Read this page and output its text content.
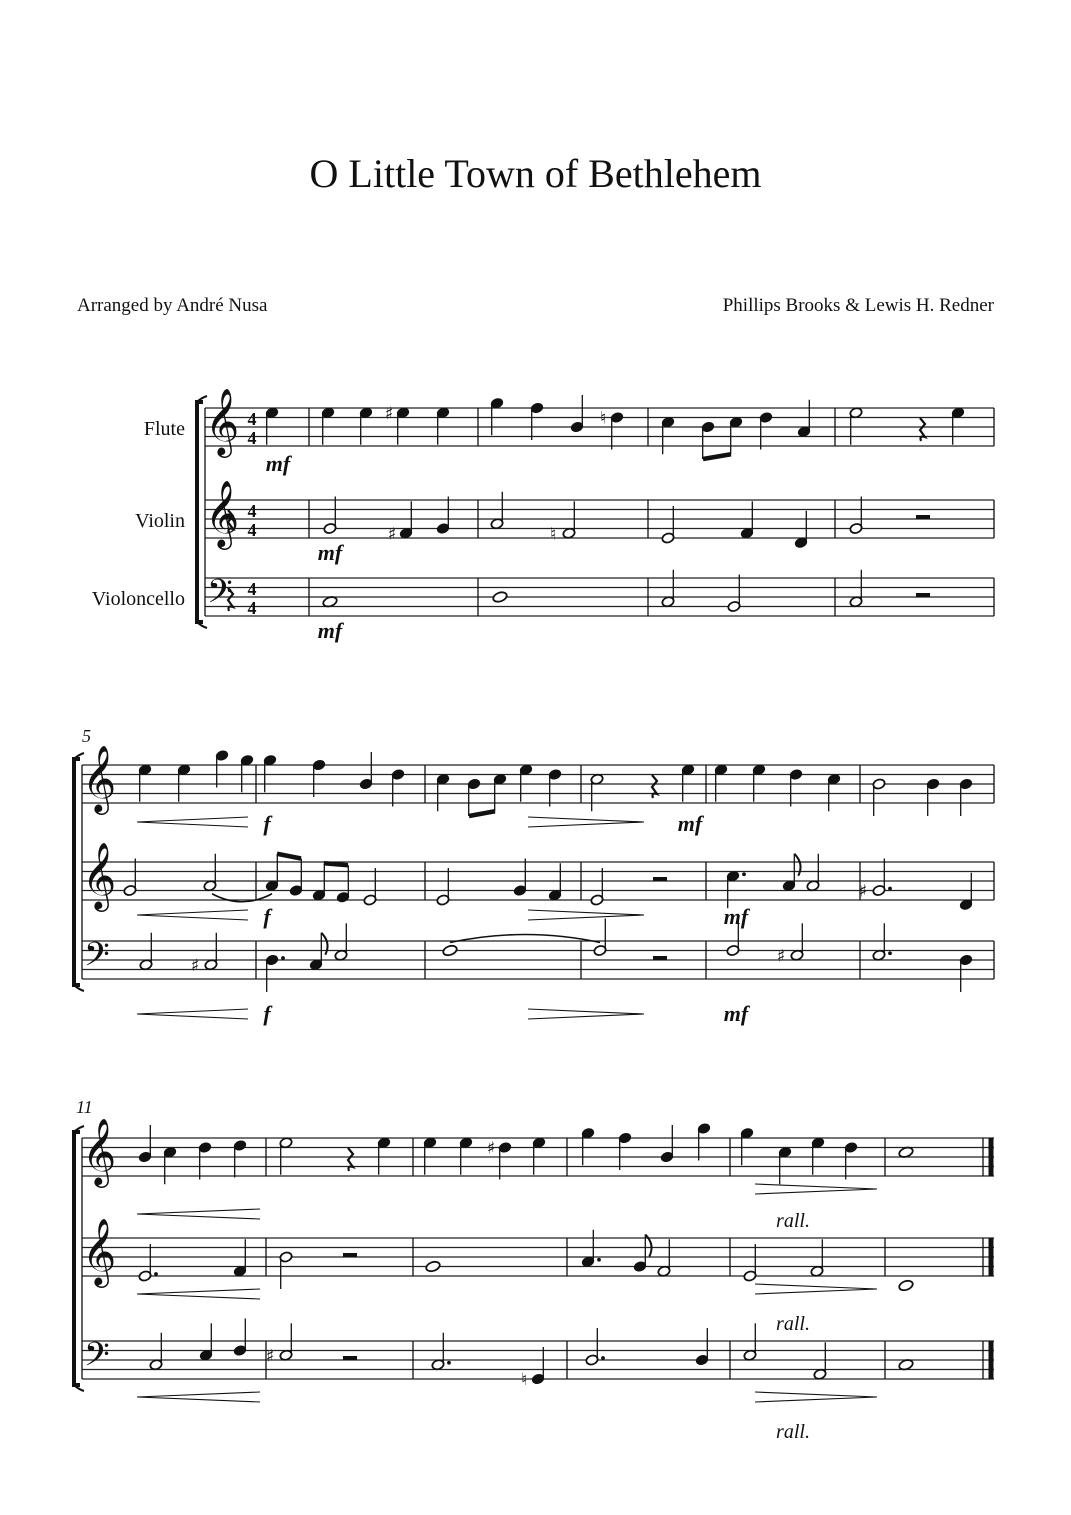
O Little Town of Bethlehem
Arranged by André Nusa	Phillips Brooks & Lewis H. Redner
Flute
Violin
Violoncello
𝄞
𝄞
𝄢
4
4
4
4
4
4
♯	♮
mf
♯	♮
mf
mf
5
𝄞
𝄞
𝄢
f	mf
♯
f	mf
♯	♯
f	mf
11
𝄞
𝄞
𝄢
♯
rall.
rall.
♯
♮
rall.
